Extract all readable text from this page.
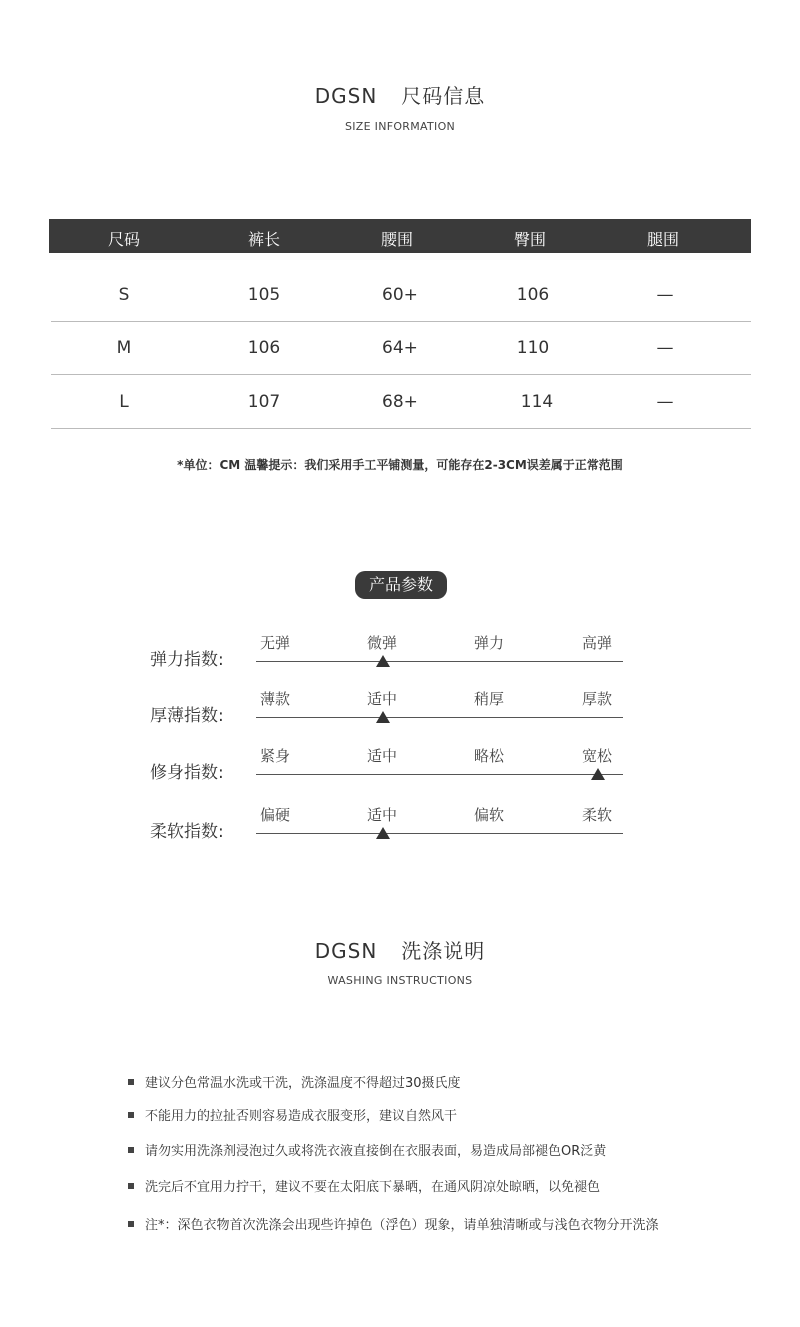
DGSN 尺码信息
SIZE INFORMATION
尺码	裤长	腰围	臀围	腿围
S	105	60+	106	—
M	106	64+	110	—
L	107	68+	114	—
*单位：CM 温馨提示：我们采用手工平铺测量，可能存在2-3CM误差属于正常范围
产品参数
弹力指数:
无弹	微弹	弹力	高弹
厚薄指数:
薄款	适中	稍厚	厚款
修身指数:
紧身	适中	略松	宽松
柔软指数:
偏硬	适中	偏软	柔软
DGSN 洗涤说明
WASHING INSTRUCTIONS
建议分色常温水洗或干洗，洗涤温度不得超过30摄氏度
不能用力的拉扯否则容易造成衣服变形，建议自然风干
请勿实用洗涤剂浸泡过久或将洗衣液直接倒在衣服表面，易造成局部褪色OR泛黄
洗完后不宜用力拧干，建议不要在太阳底下暴晒，在通风阴凉处晾晒，以免褪色
注*：深色衣物首次洗涤会出现些许掉色（浮色）现象，请单独清晰或与浅色衣物分开洗涤
